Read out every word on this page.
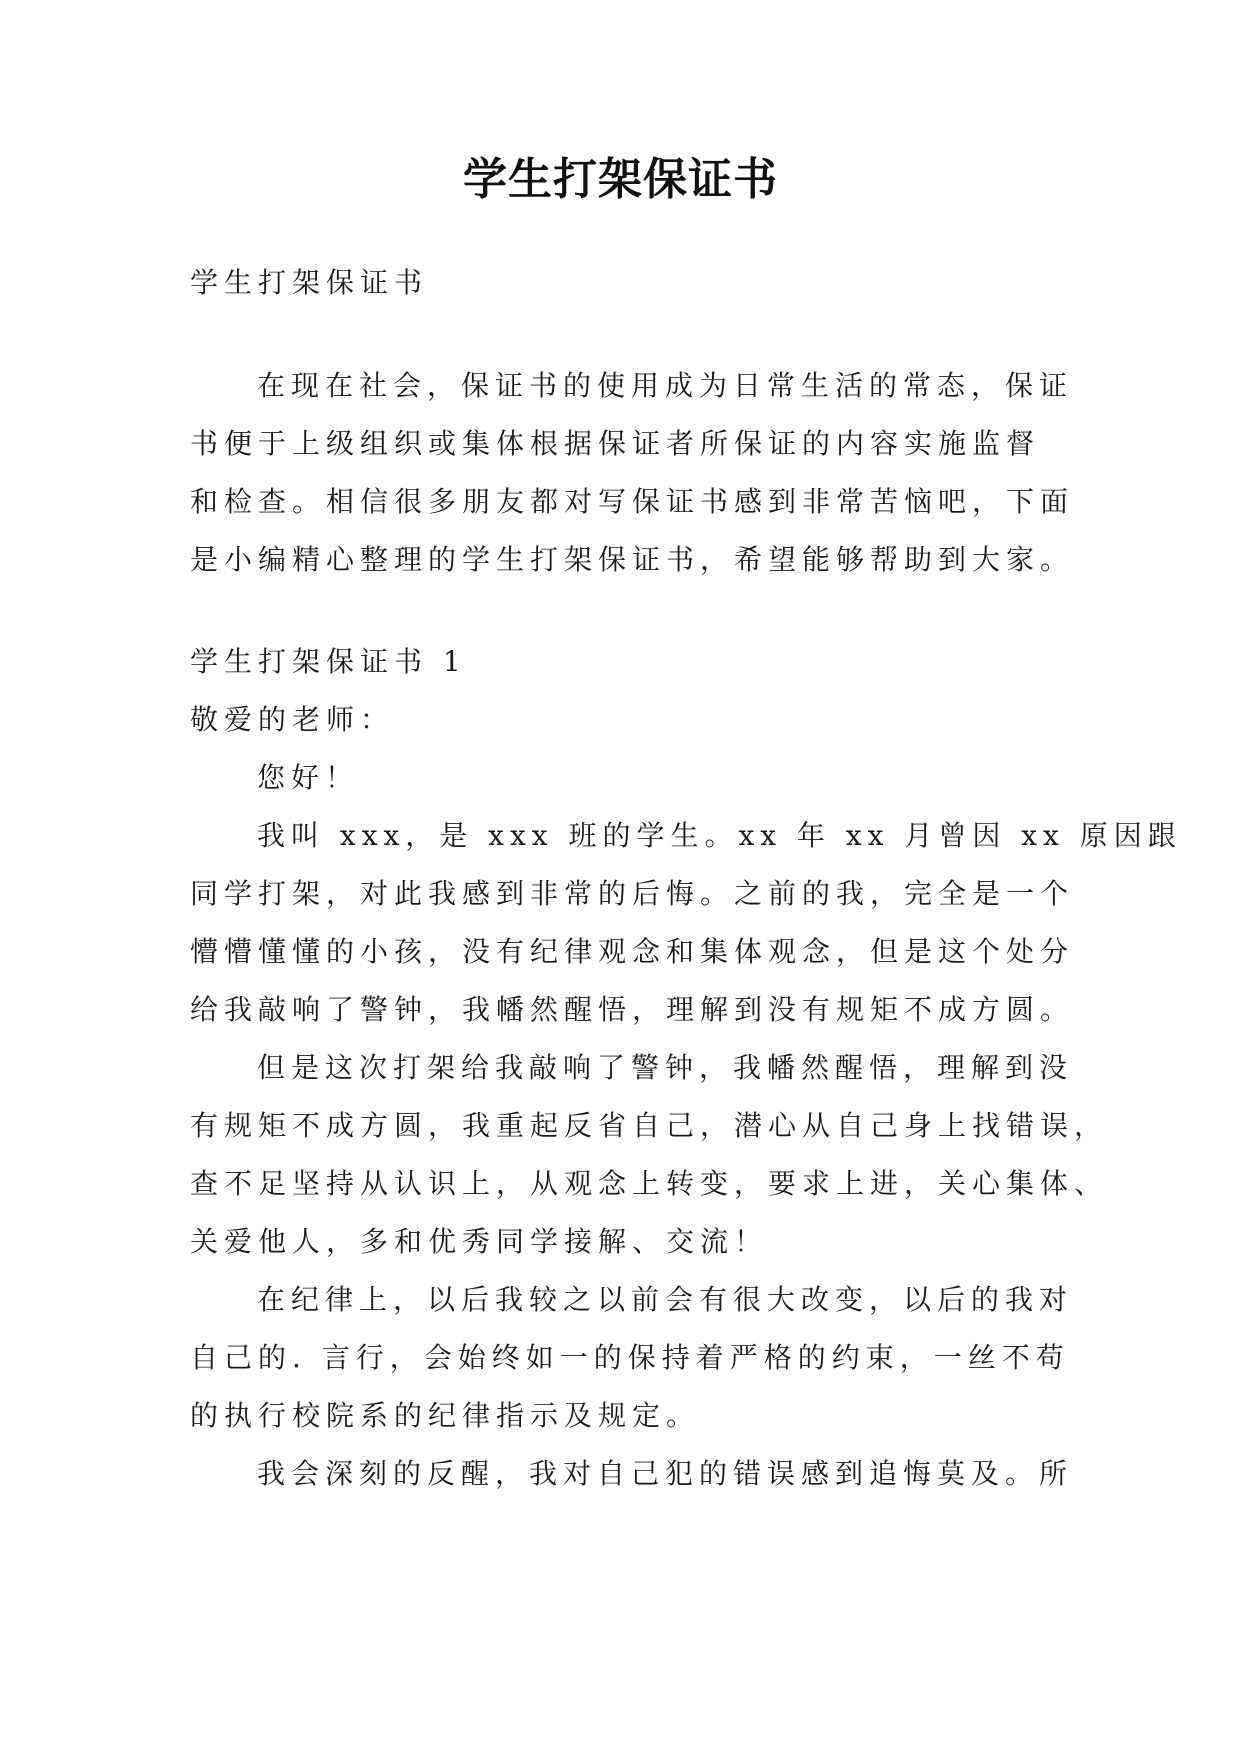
学生打架保证书
学生打架保证书
在现在社会，保证书的使用成为日常生活的常态，保证
书便于上级组织或集体根据保证者所保证的内容实施监督
和检查。相信很多朋友都对写保证书感到非常苦恼吧，下面
是小编精心整理的学生打架保证书，希望能够帮助到大家。
学生打架保证书 1
敬爱的老师：
您好！
我叫 xxx，是 xxx 班的学生。xx 年 xx 月曾因 xx 原因跟
同学打架，对此我感到非常的后悔。之前的我，完全是一个
懵懵懂懂的小孩，没有纪律观念和集体观念，但是这个处分
给我敲响了警钟，我幡然醒悟，理解到没有规矩不成方圆。
但是这次打架给我敲响了警钟，我幡然醒悟，理解到没
有规矩不成方圆，我重起反省自己，潜心从自己身上找错误，
查不足坚持从认识上，从观念上转变，要求上进，关心集体、
关爱他人，多和优秀同学接解、交流！
在纪律上，以后我较之以前会有很大改变，以后的我对
自己的. 言行，会始终如一的保持着严格的约束，一丝不苟
的执行校院系的纪律指示及规定。
我会深刻的反醒，我对自己犯的错误感到追悔莫及。所
